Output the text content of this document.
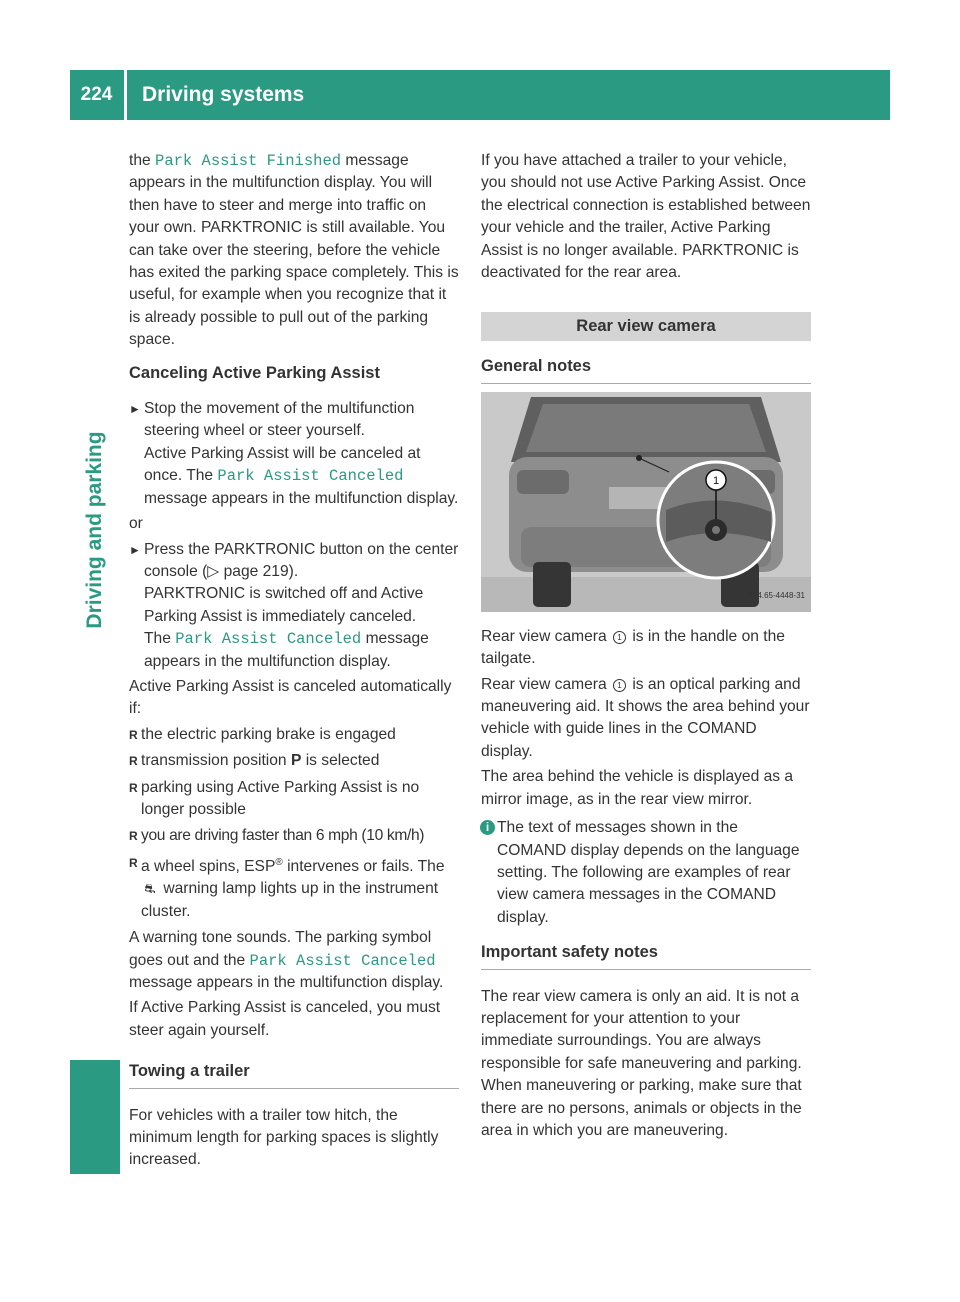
224	Driving systems
Driving and parking

the Park Assist Finished message appears in the multifunction display. You will then have to steer and merge into traffic on your own. PARKTRONIC is still available. You can take over the steering, before the vehicle has exited the parking space completely. This is useful, for example when you recognize that it is already possible to pull out of the parking space.

Canceling Active Parking Assist
► Stop the movement of the multifunction steering wheel or steer yourself.
Active Parking Assist will be canceled at once. The Park Assist Canceled message appears in the multifunction display.

or

► Press the PARKTRONIC button on the center console (▷ page 219).
PARKTRONIC is switched off and Active Parking Assist is immediately canceled.
The Park Assist Canceled message appears in the multifunction display.

Active Parking Assist is canceled automatically if:

R the electric parking brake is engaged
R transmission position P is selected
R parking using Active Parking Assist is no longer possible
R you are driving faster than 6 mph (10 km/h)
R a wheel spins, ESP® intervenes or fails. The ⛐ warning lamp lights up in the instrument cluster.

A warning tone sounds. The parking symbol goes out and the Park Assist Canceled message appears in the multifunction display.

If Active Parking Assist is canceled, you must steer again yourself.

Towing a trailer

For vehicles with a trailer tow hitch, the minimum length for parking spaces is slightly increased.

If you have attached a trailer to your vehicle, you should not use Active Parking Assist. Once the electrical connection is established between your vehicle and the trailer, Active Parking Assist is no longer available. PARKTRONIC is deactivated for the rear area.

Rear view camera
General notes
1
P54.65-4448-31

Rear view camera 1 is in the handle on the tailgate.

Rear view camera 1 is an optical parking and maneuvering aid. It shows the area behind your vehicle with guide lines in the COMAND display.

The area behind the vehicle is displayed as a mirror image, as in the rear view mirror.

i The text of messages shown in the COMAND display depends on the language setting. The following are examples of rear view camera messages in the COMAND display.
Important safety notes

The rear view camera is only an aid. It is not a replacement for your attention to your immediate surroundings. You are always responsible for safe maneuvering and parking. When maneuvering or parking, make sure that there are no persons, animals or objects in the area in which you are maneuvering.
